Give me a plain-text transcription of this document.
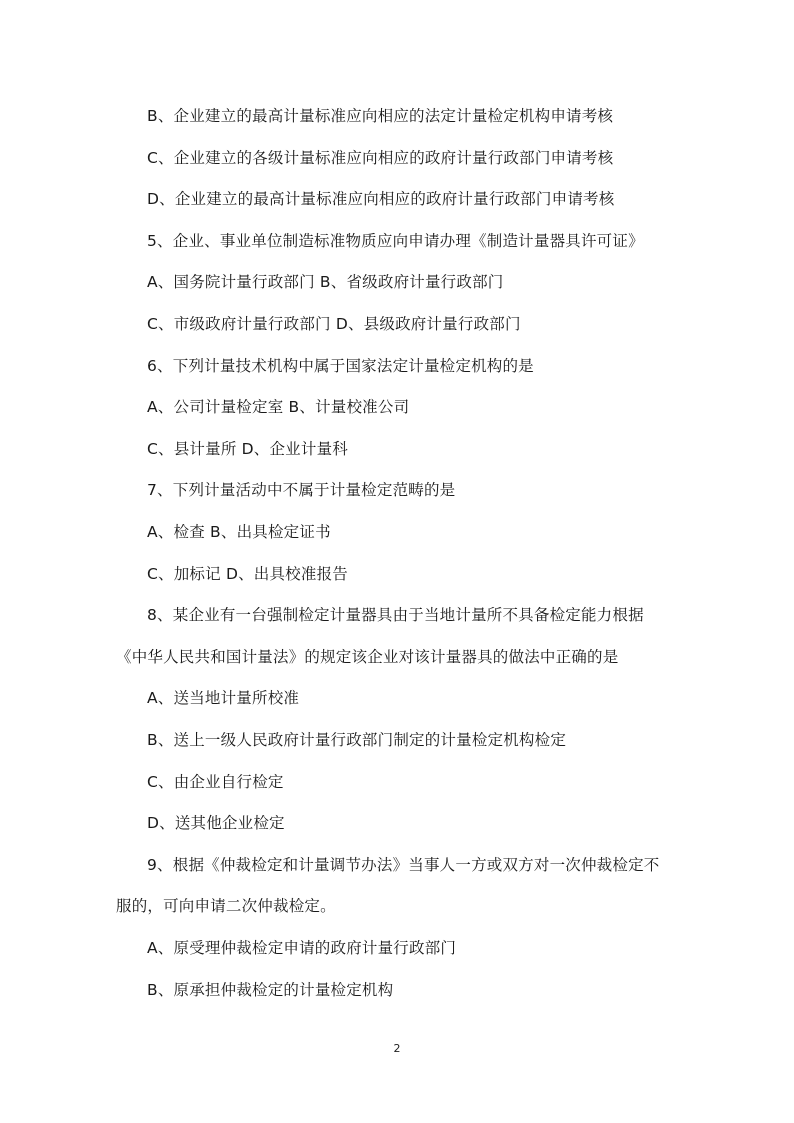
B、企业建立的最高计量标准应向相应的法定计量检定机构申请考核

C、企业建立的各级计量标准应向相应的政府计量行政部门申请考核

D、企业建立的最高计量标准应向相应的政府计量行政部门申请考核

5、企业、事业单位制造标准物质应向申请办理《制造计量器具许可证》

A、国务院计量行政部门 B、省级政府计量行政部门

C、市级政府计量行政部门 D、县级政府计量行政部门

6、下列计量技术机构中属于国家法定计量检定机构的是

A、公司计量检定室 B、计量校准公司

C、县计量所 D、企业计量科

7、下列计量活动中不属于计量检定范畴的是

A、检查 B、出具检定证书

C、加标记 D、出具校准报告

8、某企业有一台强制检定计量器具由于当地计量所不具备检定能力根据

《中华人民共和国计量法》的规定该企业对该计量器具的做法中正确的是

A、送当地计量所校准

B、送上一级人民政府计量行政部门制定的计量检定机构检定

C、由企业自行检定

D、送其他企业检定

9、根据《仲裁检定和计量调节办法》当事人一方或双方对一次仲裁检定不

服的，可向申请二次仲裁检定。

A、原受理仲裁检定申请的政府计量行政部门

B、原承担仲裁检定的计量检定机构

2
